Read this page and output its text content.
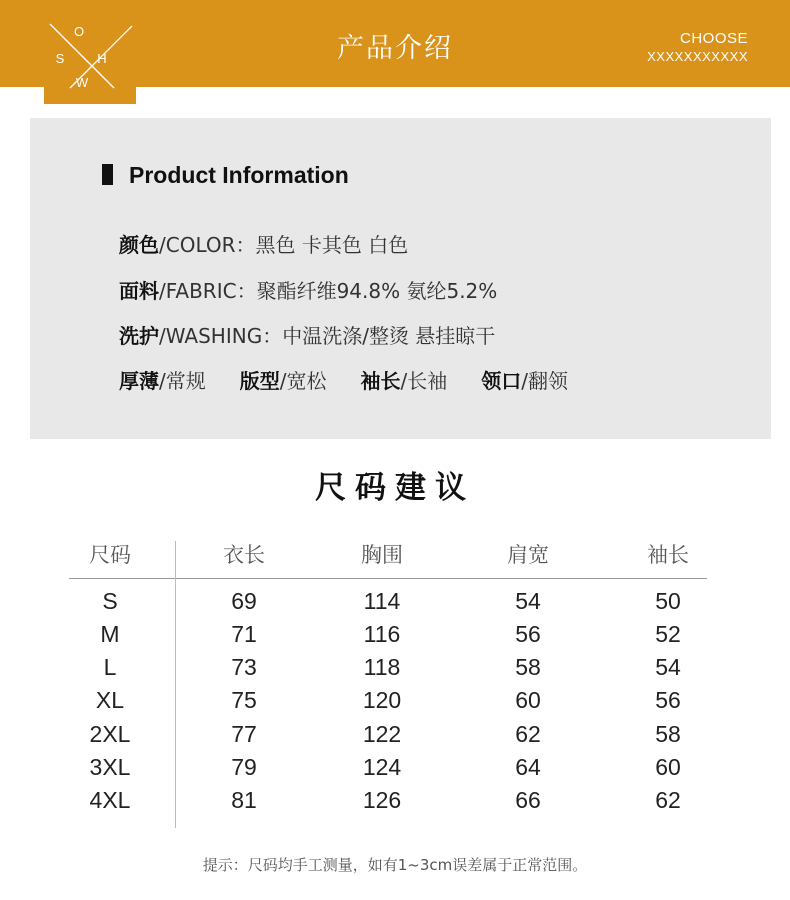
O
S	H
W
产品介绍	CHOOSE
XXXXXXXXXXX
Product Information
颜色/COLOR：黑色 卡其色 白色
面料/FABRIC：聚酯纤维94.8% 氨纶5.2%
洗护/WASHING：中温洗涤/整烫 悬挂晾干
厚薄/常规 版型/宽松 袖长/长袖 领口/翻领
尺码建议
尺码	衣长	胸围	肩宽	袖长
S	69	114	54	50
M	71	116	56	52
L	73	118	58	54
XL	75	120	60	56
2XL	77	122	62	58
3XL	79	124	64	60
4XL	81	126	66	62
提示：尺码均手工测量，如有1~3cm误差属于正常范围。
